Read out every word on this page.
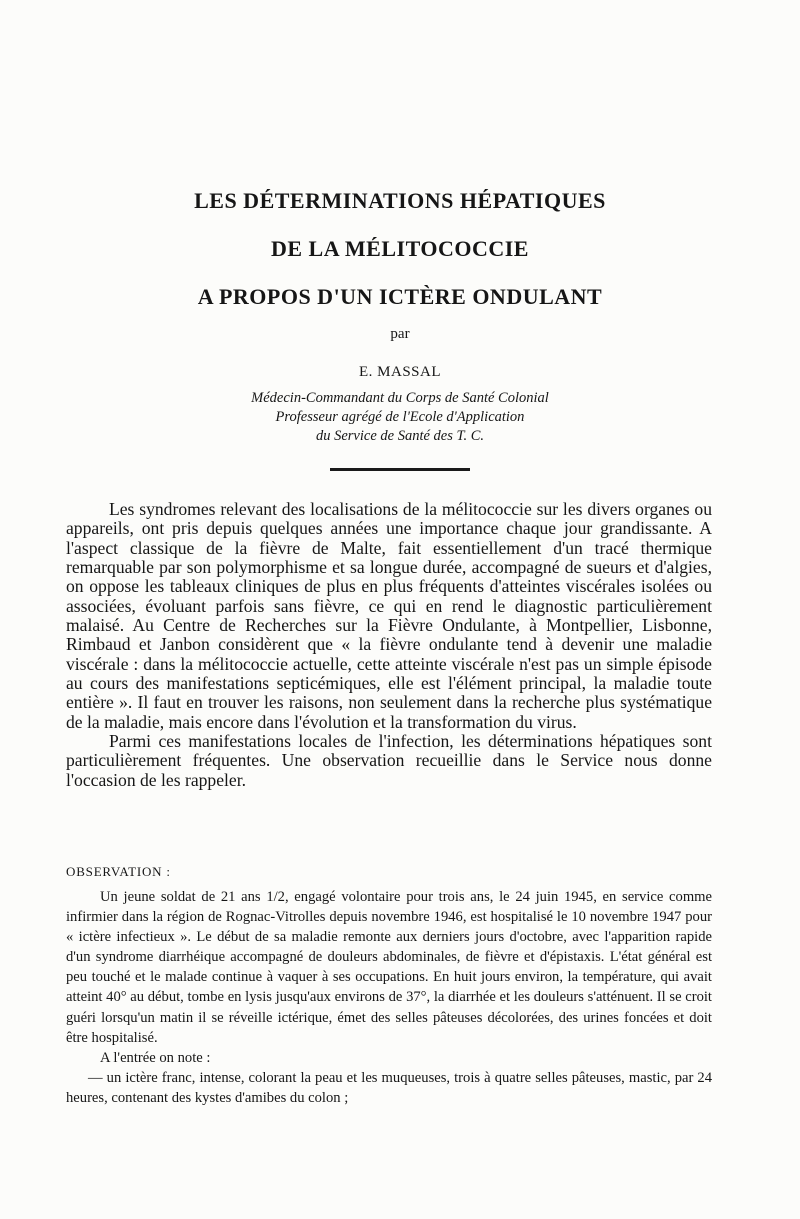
LES DÉTERMINATIONS HÉPATIQUES
DE LA MÉLITOCOCCIE
A PROPOS D'UN ICTÈRE ONDULANT
par
E. MASSAL
Médecin-Commandant du Corps de Santé Colonial
Professeur agrégé de l'Ecole d'Application
du Service de Santé des T. C.

Les syndromes relevant des localisations de la mélitococcie sur les divers organes ou appareils, ont pris depuis quelques années une importance chaque jour grandissante. A l'aspect classique de la fièvre de Malte, fait essentiellement d'un tracé thermique remarquable par son polymorphisme et sa longue durée, accompagné de sueurs et d'algies, on oppose les tableaux cliniques de plus en plus fréquents d'atteintes viscérales isolées ou associées, évoluant parfois sans fièvre, ce qui en rend le diagnostic particulièrement malaisé. Au Centre de Recherches sur la Fièvre Ondulante, à Montpellier, Lisbonne, Rimbaud et Janbon considèrent que « la fièvre ondulante tend à devenir une maladie viscérale : dans la mélitococcie actuelle, cette atteinte viscérale n'est pas un simple épisode au cours des manifestations septicémiques, elle est l'élément principal, la maladie toute entière ». Il faut en trouver les raisons, non seulement dans la recherche plus systématique de la maladie, mais encore dans l'évolution et la transformation du virus.

Parmi ces manifestations locales de l'infection, les déterminations hépatiques sont particulièrement fréquentes. Une observation recueillie dans le Service nous donne l'occasion de les rappeler.

OBSERVATION :

Un jeune soldat de 21 ans 1/2, engagé volontaire pour trois ans, le 24 juin 1945, en service comme infirmier dans la région de Rognac-Vitrolles depuis novembre 1946, est hospitalisé le 10 novembre 1947 pour « ictère infectieux ». Le début de sa maladie remonte aux derniers jours d'octobre, avec l'apparition rapide d'un syndrome diarrhéique accompagné de douleurs abdominales, de fièvre et d'épistaxis. L'état général est peu touché et le malade continue à vaquer à ses occupations. En huit jours environ, la température, qui avait atteint 40° au début, tombe en lysis jusqu'aux environs de 37°, la diarrhée et les douleurs s'atténuent. Il se croit guéri lorsqu'un matin il se réveille ictérique, émet des selles pâteuses décolorées, des urines foncées et doit être hospitalisé.

A l'entrée on note :

— un ictère franc, intense, colorant la peau et les muqueuses, trois à quatre selles pâteuses, mastic, par 24 heures, contenant des kystes d'amibes du colon ;
